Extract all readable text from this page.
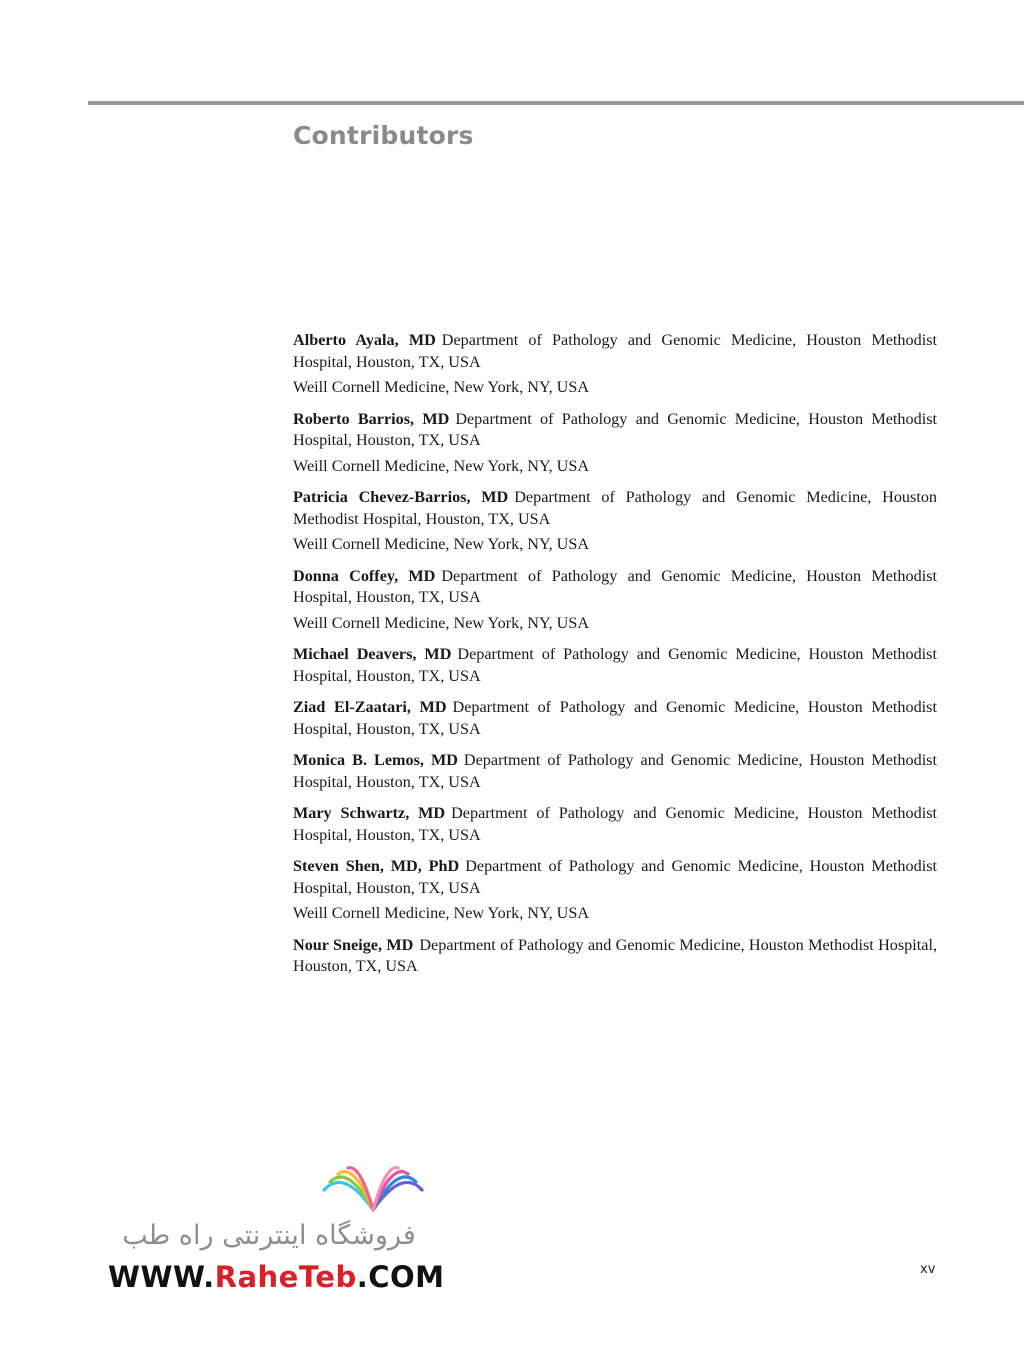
Contributors

Alberto Ayala, MD Department of Pathology and Genomic Medicine, Houston Methodist Hospital, Houston, TX, USA

Weill Cornell Medicine, New York, NY, USA

Roberto Barrios, MD Department of Pathology and Genomic Medicine, Houston Methodist Hospital, Houston, TX, USA

Weill Cornell Medicine, New York, NY, USA

Patricia Chevez-Barrios, MD Department of Pathology and Genomic Medicine, Houston Methodist Hospital, Houston, TX, USA

Weill Cornell Medicine, New York, NY, USA

Donna Coffey, MD Department of Pathology and Genomic Medicine, Houston Methodist Hospital, Houston, TX, USA

Weill Cornell Medicine, New York, NY, USA

Michael Deavers, MD Department of Pathology and Genomic Medicine, Houston Methodist Hospital, Houston, TX, USA

Ziad El-Zaatari, MD Department of Pathology and Genomic Medicine, Houston Methodist Hospital, Houston, TX, USA

Monica B. Lemos, MD Department of Pathology and Genomic Medicine, Houston Methodist Hospital, Houston, TX, USA

Mary Schwartz, MD Department of Pathology and Genomic Medicine, Houston Methodist Hospital, Houston, TX, USA

Steven Shen, MD, PhD Department of Pathology and Genomic Medicine, Houston Methodist Hospital, Houston, TX, USA

Weill Cornell Medicine, New York, NY, USA

Nour Sneige, MD Department of Pathology and Genomic Medicine, Houston Methodist Hospital, Houston, TX, USA

xv
فروشگاه اینترنتی راه طب
WWW.RaheTeb.COM
